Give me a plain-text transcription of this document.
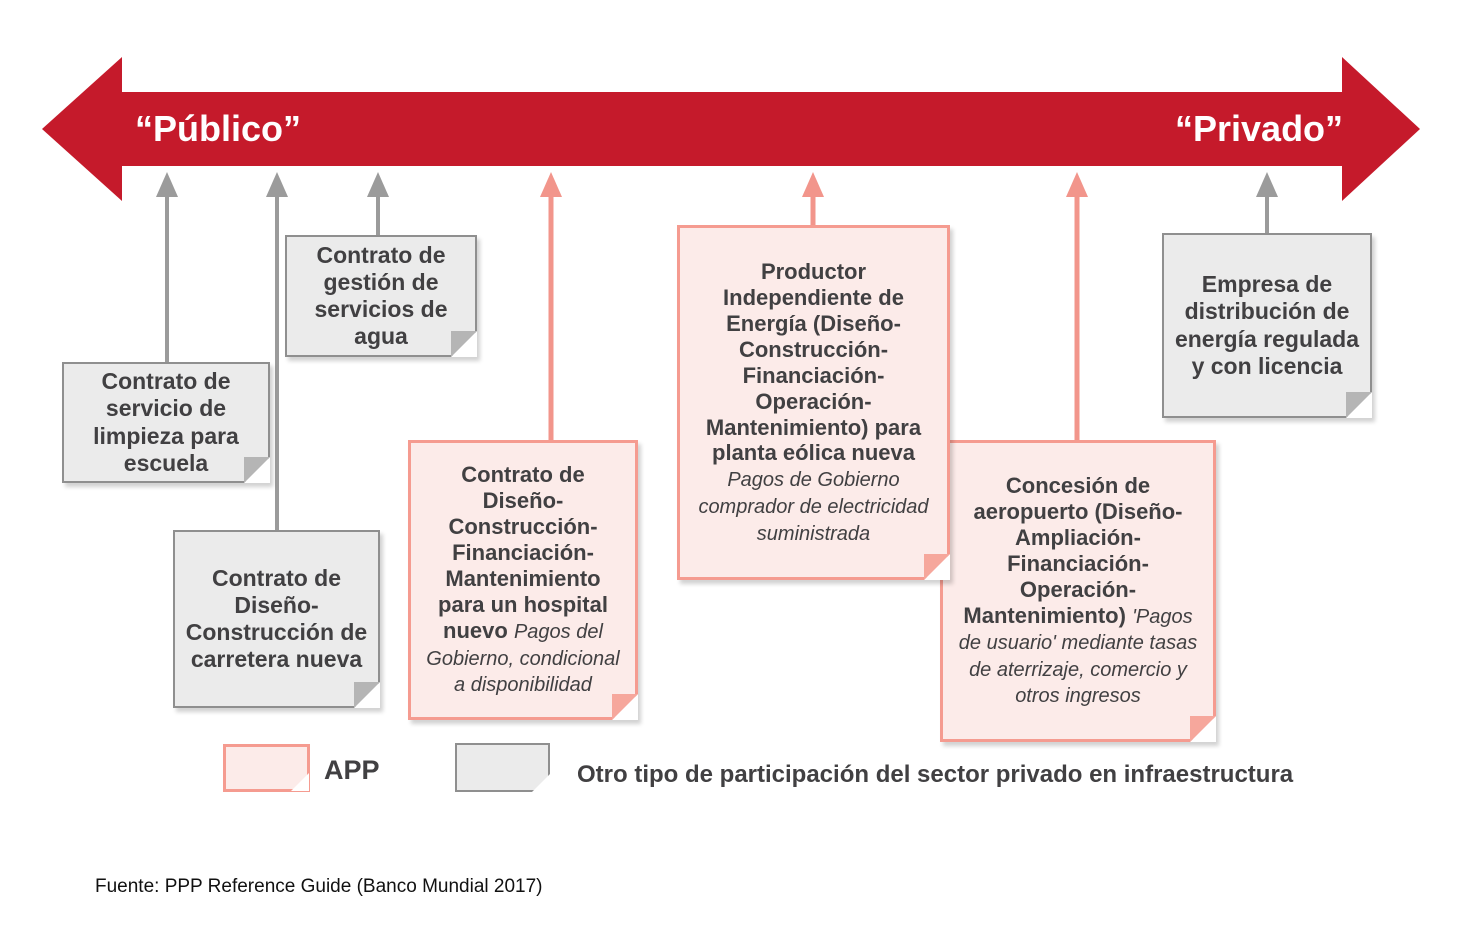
“Público”	“Privado”
Contrato de servicio de limpieza para escuela
Contrato de Diseño-Construcción de carretera nueva
Contrato de gestión de servicios de agua
Contrato de Diseño-Construcción-Financiación-Mantenimiento para un hospital nuevo Pagos del Gobierno, condicional a disponibilidad
Concesión de aeropuerto (Diseño-Ampliación-Financiación-Operación-Mantenimiento) 'Pagos de usuario' mediante tasas de aterrizaje, comercio y otros ingresos
Productor Independiente de Energía (Diseño-Construcción-Financiación-Operación-Mantenimiento) para planta eólica nueva Pagos de Gobierno comprador de electricidad suministrada
Empresa de distribución de energía regulada y con licencia
APP	Otro tipo de participación del sector privado en infraestructura
Fuente: PPP Reference Guide (Banco Mundial 2017)
